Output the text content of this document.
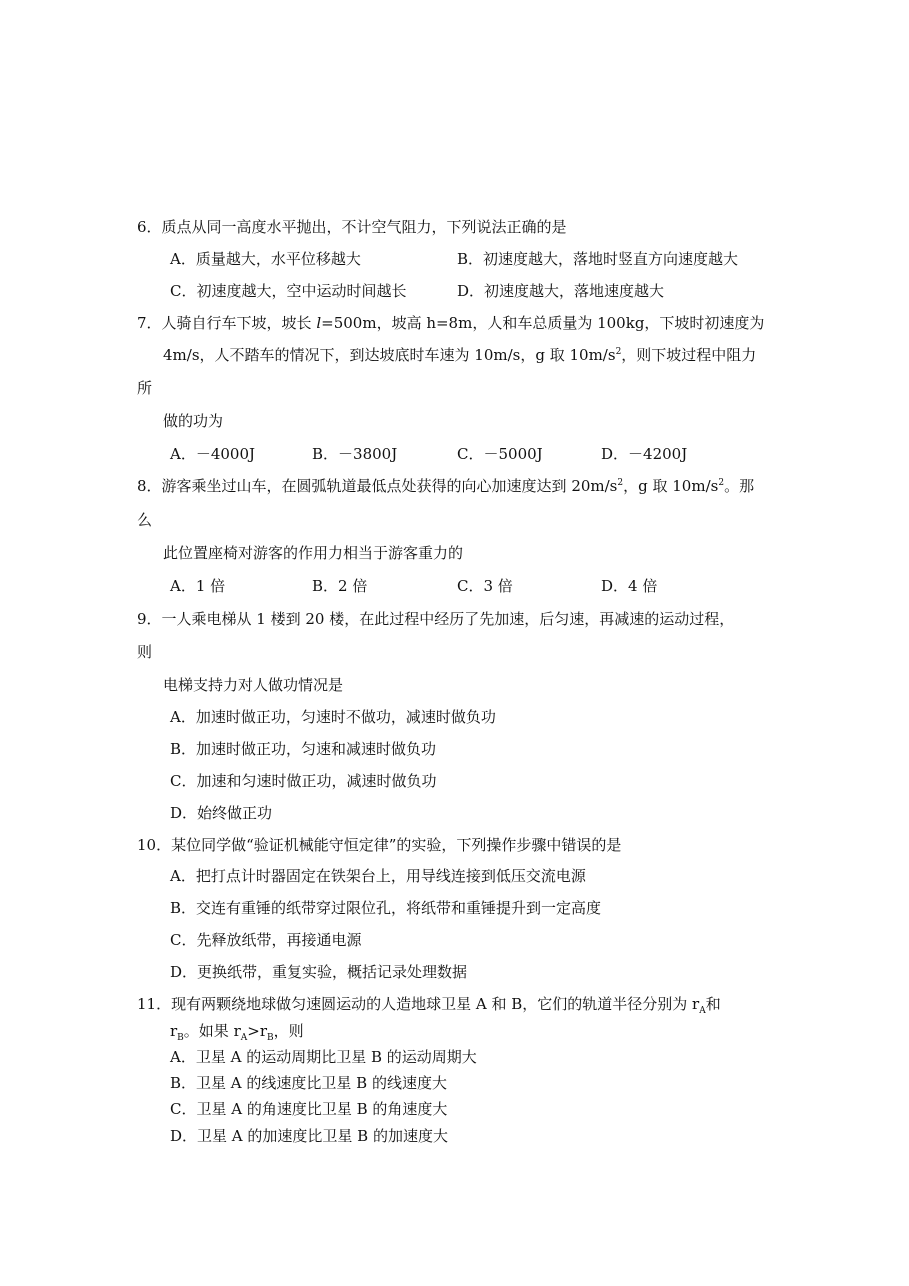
6．质点从同一高度水平抛出，不计空气阻力，下列说法正确的是
A．质量越大，水平位移越大	B．初速度越大，落地时竖直方向速度越大
C．初速度越大，空中运动时间越长	D．初速度越大，落地速度越大
7．人骑自行车下坡，坡长 l=500m，坡高 h=8m，人和车总质量为 100kg，下坡时初速度为
4m/s，人不踏车的情况下，到达坡底时车速为 10m/s，g 取 $10m/s^2$，则下坡过程中阻力
所
做的功为
A．－4000J	B．－3800J	C．－5000J	D．－4200J
8．游客乘坐过山车，在圆弧轨道最低点处获得的向心加速度达到 $20m/s^2$，g 取 $10m/s^2$。那
么
此位置座椅对游客的作用力相当于游客重力的
A．1 倍	B．2 倍	C．3 倍	D．4 倍
9．一人乘电梯从 1 楼到 20 楼，在此过程中经历了先加速，后匀速，再减速的运动过程，
则
电梯支持力对人做功情况是
A．加速时做正功，匀速时不做功，减速时做负功
B．加速时做正功，匀速和减速时做负功
C．加速和匀速时做正功，减速时做负功
D．始终做正功
10．某位同学做“验证机械能守恒定律”的实验，下列操作步骤中错误的是
A．把打点计时器固定在铁架台上，用导线连接到低压交流电源
B．交连有重锤的纸带穿过限位孔，将纸带和重锤提升到一定高度
C．先释放纸带，再接通电源
D．更换纸带，重复实验，概括记录处理数据
11．现有两颗绕地球做匀速圆运动的人造地球卫星 A 和 B，它们的轨道半径分别为 $r_A$和
$r_B$。如果 $r_A>r_B$，则
A．卫星 A 的运动周期比卫星 B 的运动周期大
B．卫星 A 的线速度比卫星 B 的线速度大
C．卫星 A 的角速度比卫星 B 的角速度大
D．卫星 A 的加速度比卫星 B 的加速度大
